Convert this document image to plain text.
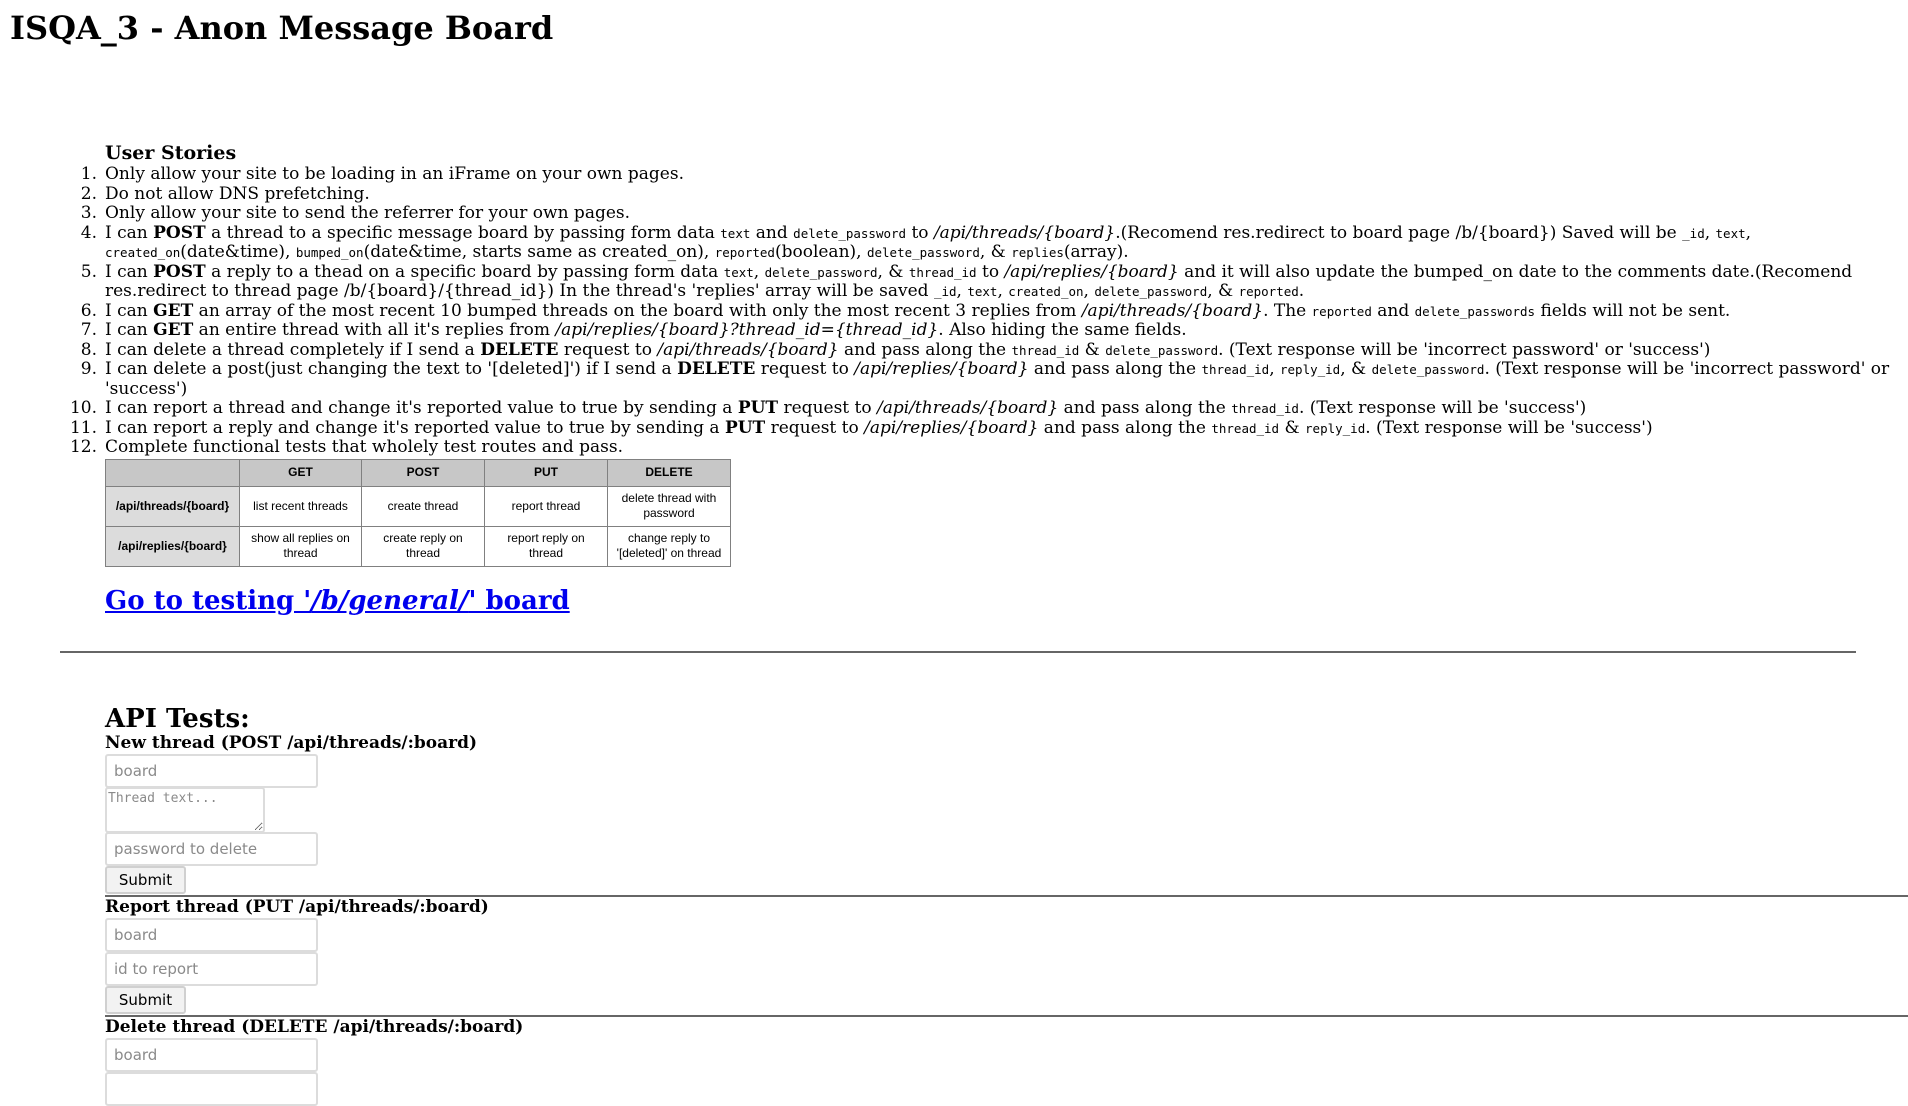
ISQA_3 - Anon Message Board
User Stories
1. Only allow your site to be loading in an iFrame on your own pages.
2. Do not allow DNS prefetching.
3. Only allow your site to send the referrer for your own pages.
4. I can POST a thread to a specific message board by passing form data text and delete_password to /api/threads/{board}.(Recomend res.redirect to board page /b/{board}) Saved will be _id, text, created_on(date&time), bumped_on(date&time, starts same as created_on), reported(boolean), delete_password, & replies(array).
5. I can POST a reply to a thead on a specific board by passing form data text, delete_password, & thread_id to /api/replies/{board} and it will also update the bumped_on date to the comments date.(Recomend res.redirect to thread page /b/{board}/{thread_id}) In the thread's 'replies' array will be saved _id, text, created_on, delete_password, & reported.
6. I can GET an array of the most recent 10 bumped threads on the board with only the most recent 3 replies from /api/threads/{board}. The reported and delete_passwords fields will not be sent.
7. I can GET an entire thread with all it's replies from /api/replies/{board}?thread_id={thread_id}. Also hiding the same fields.
8. I can delete a thread completely if I send a DELETE request to /api/threads/{board} and pass along the thread_id & delete_password. (Text response will be 'incorrect password' or 'success')
9. I can delete a post(just changing the text to '[deleted]') if I send a DELETE request to /api/replies/{board} and pass along the thread_id, reply_id, & delete_password. (Text response will be 'incorrect password' or 'success')
10. I can report a thread and change it's reported value to true by sending a PUT request to /api/threads/{board} and pass along the thread_id. (Text response will be 'success')
11. I can report a reply and change it's reported value to true by sending a PUT request to /api/replies/{board} and pass along the thread_id & reply_id. (Text response will be 'success')
12. Complete functional tests that wholely test routes and pass.
	GET	POST	PUT	DELETE
/api/threads/{board}	list recent threads	create thread	report thread	delete thread with password
/api/replies/{board}	show all replies on thread	create reply on thread	report reply on thread	change reply to '[deleted]' on thread
Go to testing '/b/general/' board
API Tests:
New thread (POST /api/threads/:board)
board
Thread text...
password to delete
Submit
Report thread (PUT /api/threads/:board)
board
id to report
Submit
Delete thread (DELETE /api/threads/:board)
board
